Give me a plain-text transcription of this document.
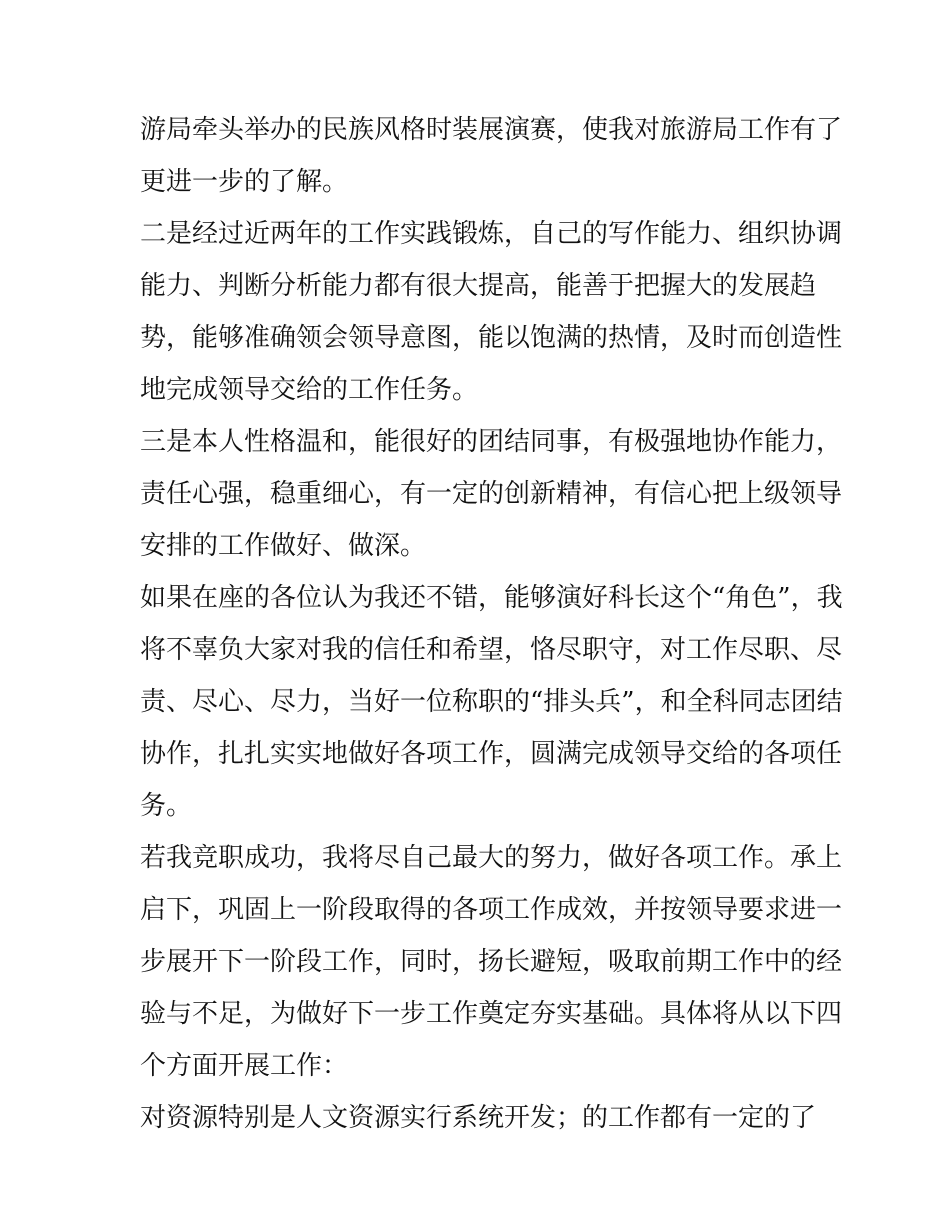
游局牵头举办的民族风格时装展演赛，使我对旅游局工作有了
更进一步的了解。
二是经过近两年的工作实践锻炼，自己的写作能力、组织协调
能力、判断分析能力都有很大提高，能善于把握大的发展趋
势，能够准确领会领导意图，能以饱满的热情，及时而创造性
地完成领导交给的工作任务。
三是本人性格温和，能很好的团结同事，有极强地协作能力，
责任心强，稳重细心，有一定的创新精神，有信心把上级领导
安排的工作做好、做深。
如果在座的各位认为我还不错，能够演好科长这个“角色”，我
将不辜负大家对我的信任和希望，恪尽职守，对工作尽职、尽
责、尽心、尽力，当好一位称职的“排头兵”，和全科同志团结
协作，扎扎实实地做好各项工作，圆满完成领导交给的各项任
务。
若我竞职成功，我将尽自己最大的努力，做好各项工作。承上
启下，巩固上一阶段取得的各项工作成效，并按领导要求进一
步展开下一阶段工作，同时，扬长避短，吸取前期工作中的经
验与不足，为做好下一步工作奠定夯实基础。具体将从以下四
个方面开展工作：
对资源特别是人文资源实行系统开发；的工作都有一定的了
